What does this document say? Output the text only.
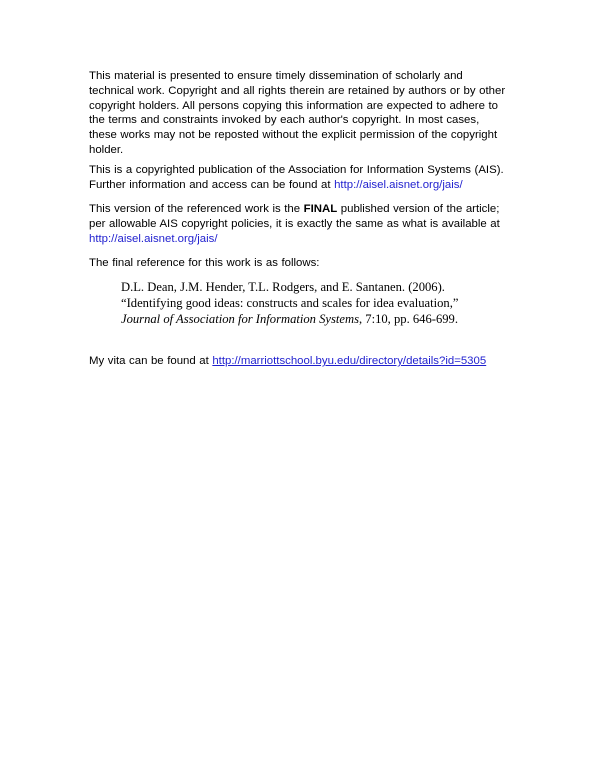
This material is presented to ensure timely dissemination of scholarly and technical work. Copyright and all rights therein are retained by authors or by other copyright holders. All persons copying this information are expected to adhere to the terms and constraints invoked by each author's copyright. In most cases, these works may not be reposted without the explicit permission of the copyright holder.
This is a copyrighted publication of the Association for Information Systems (AIS). Further information and access can be found at http://aisel.aisnet.org/jais/
This version of the referenced work is the FINAL published version of the article; per allowable AIS copyright policies, it is exactly the same as what is available at http://aisel.aisnet.org/jais/
The final reference for this work is as follows:
D.L. Dean, J.M. Hender, T.L. Rodgers, and E. Santanen. (2006).
“Identifying good ideas: constructs and scales for idea evaluation,”
Journal of Association for Information Systems, 7:10, pp. 646-699.
My vita can be found at http://marriottschool.byu.edu/directory/details?id=5305
